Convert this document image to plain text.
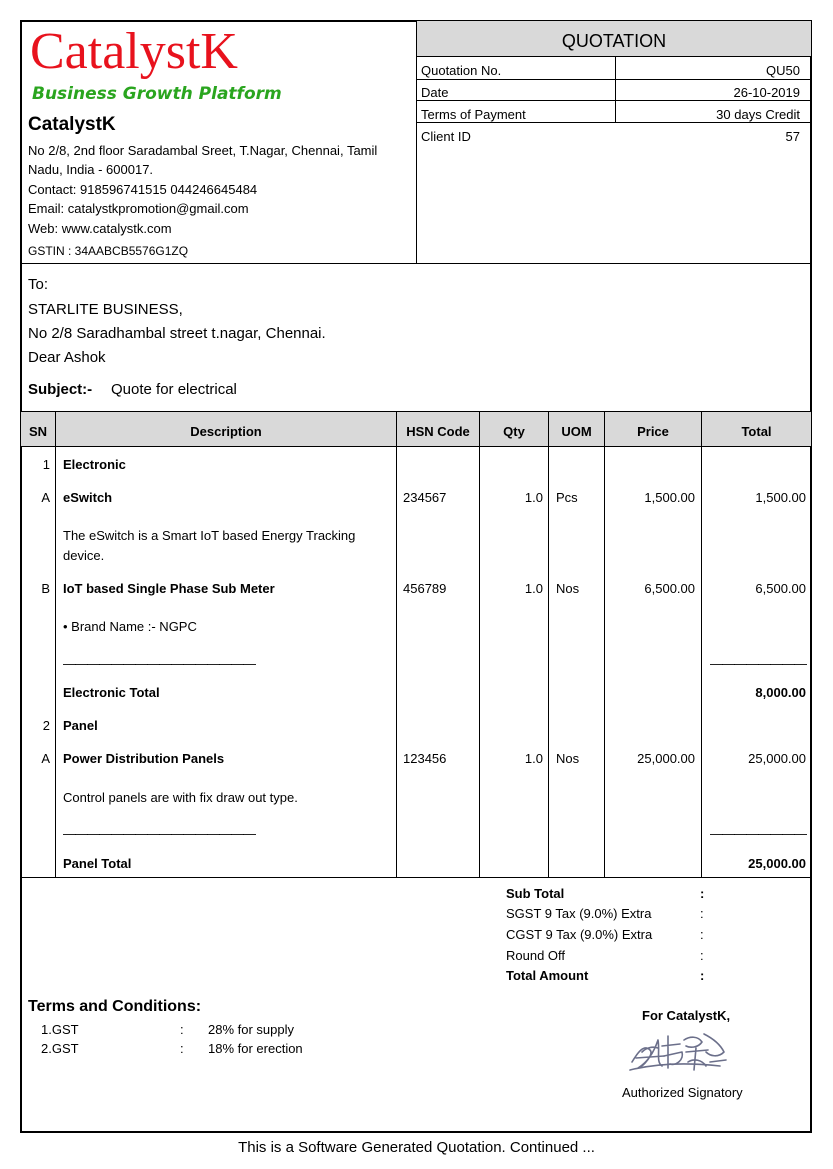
CatalystK
Business Growth Platform
CatalystK
No 2/8, 2nd floor Saradambal Sreet, T.Nagar, Chennai, Tamil
Nadu, India - 600017.
Contact: 918596741515 044246645484
Email: catalystkpromotion@gmail.com
Web: www.catalystk.com
GSTIN : 34AABCB5576G1ZQ
QUOTATION
Quotation No.	QU50
Date	26-10-2019
Terms of Payment	30 days Credit
Client ID	57
To:
STARLITE BUSINESS,
No 2/8 Saradhambal street t.nagar, Chennai.
Dear Ashok
Subject:- Quote for electrical
SN	Description	HSN Code	Qty	UOM	Price	Total
1 Electronic
A eSwitch	234567	1.0 Pcs	1,500.00	1,500.00
The eSwitch is a Smart IoT based Energy Tracking
device.
B IoT based Single Phase Sub Meter	456789	1.0 Nos	6,500.00	6,500.00
• Brand Name :- NGPC
————————————————	————————
Electronic Total	8,000.00
2 Panel
A Power Distribution Panels	123456	1.0 Nos	25,000.00	25,000.00
Control panels are with fix draw out type.
————————————————	————————
Panel Total	25,000.00
Sub Total	:
SGST 9 Tax (9.0%) Extra	:
CGST 9 Tax (9.0%) Extra	:
Round Off	:
Total Amount	:
Terms and Conditions:
1.GST	: 28% for supply
2.GST	: 18% for erection
For CatalystK,
Authorized Signatory
This is a Software Generated Quotation. Continued ...
